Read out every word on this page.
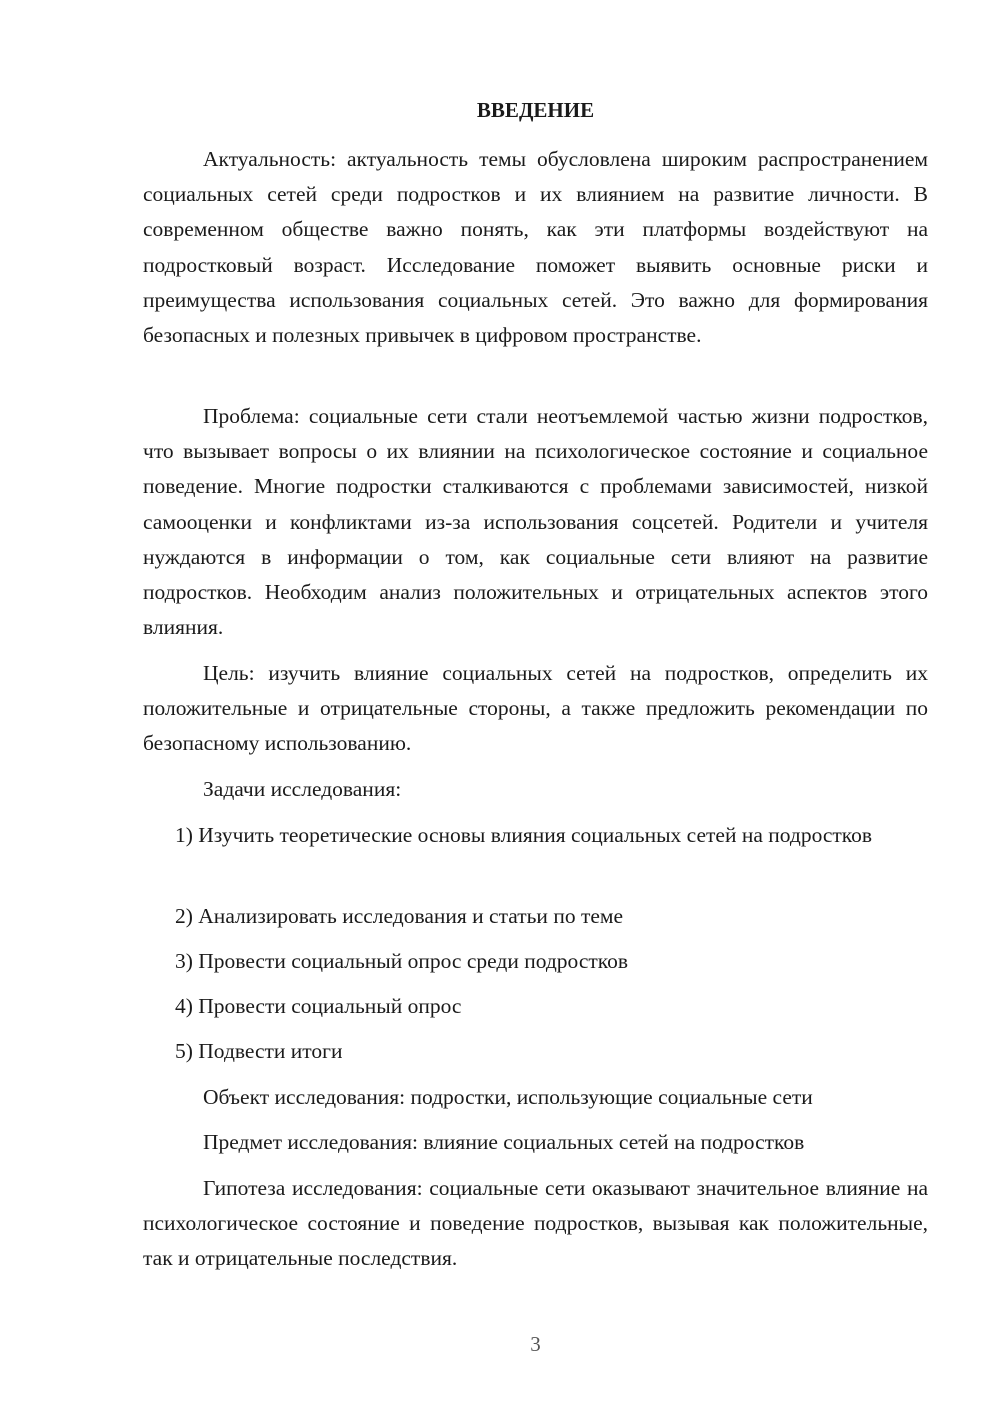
ВВЕДЕНИЕ

Актуальность: актуальность темы обусловлена широким распространением социальных сетей среди подростков и их влиянием на развитие личности. В современном обществе важно понять, как эти платформы воздействуют на подростковый возраст. Исследование поможет выявить основные риски и преимущества использования социальных сетей. Это важно для формирования безопасных и полезных привычек в цифровом пространстве.

Проблема: социальные сети стали неотъемлемой частью жизни подростков, что вызывает вопросы о их влиянии на психологическое состояние и социальное поведение. Многие подростки сталкиваются с проблемами зависимостей, низкой самооценки и конфликтами из-за использования соцсетей. Родители и учителя нуждаются в информации о том, как социальные сети влияют на развитие подростков. Необходим анализ положительных и отрицательных аспектов этого влияния.

Цель: изучить влияние социальных сетей на подростков, определить их положительные и отрицательные стороны, а также предложить рекомендации по безопасному использованию.

Задачи исследования:

1) Изучить теоретические основы влияния социальных сетей на подростков

2) Анализировать исследования и статьи по теме

3) Провести социальный опрос среди подростков

4) Провести социальный опрос

5) Подвести итоги

Объект исследования: подростки, использующие социальные сети

Предмет исследования: влияние социальных сетей на подростков

Гипотеза исследования: социальные сети оказывают значительное влияние на психологическое состояние и поведение подростков, вызывая как положительные, так и отрицательные последствия.

3
